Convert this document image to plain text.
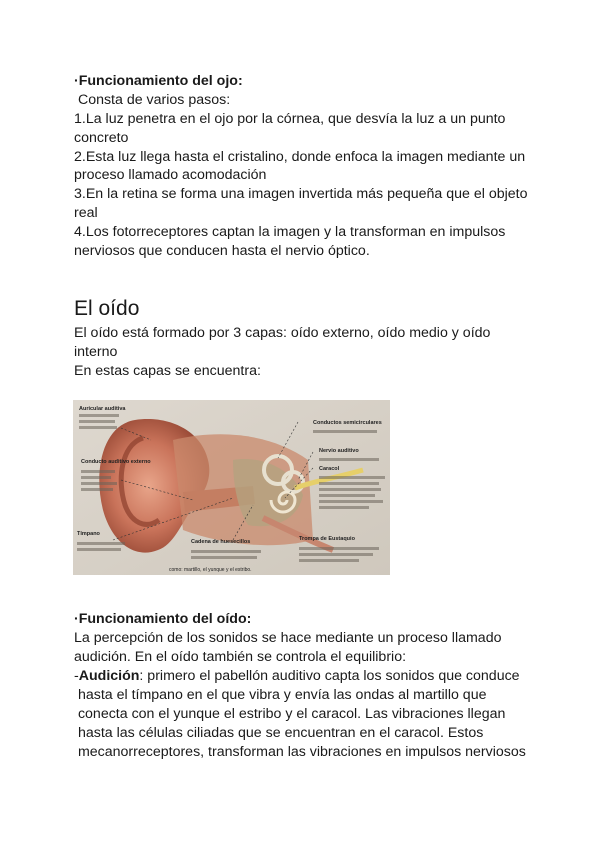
·Funcionamiento del ojo:
Consta de varios pasos:
1.La luz penetra en el ojo por la córnea, que desvía la luz a un punto
concreto
2.Esta luz llega hasta el cristalino, donde enfoca la imagen mediante un
proceso llamado acomodación
3.En la retina se forma una imagen invertida más pequeña que el objeto
real
4.Los fotorreceptores captan la imagen y la transforman en impulsos
nerviosos que conducen hasta el nervio óptico.
El oído
El oído está formado por 3 capas: oído externo, oído medio y oído
interno
En estas capas se encuentra:
Auricular auditiva
Conducto auditivo externo
Tímpano
Cadena de huesecillos
como: martillo, el yunque y el estribo.
Trompa de Eustaquio
Conductos semicirculares
Nervio auditivo
Caracol
·Funcionamiento del oído:
La percepción de los sonidos se hace mediante un proceso llamado
audición. En el oído también se controla el equilibrio:
-Audición: primero el pabellón auditivo capta los sonidos que conduce
hasta el tímpano en el que vibra y envía las ondas al martillo que
conecta con el yunque el estribo y el caracol. Las vibraciones llegan
hasta las células ciliadas que se encuentran en el caracol. Estos
mecanorreceptores, transforman las vibraciones en impulsos nerviosos
